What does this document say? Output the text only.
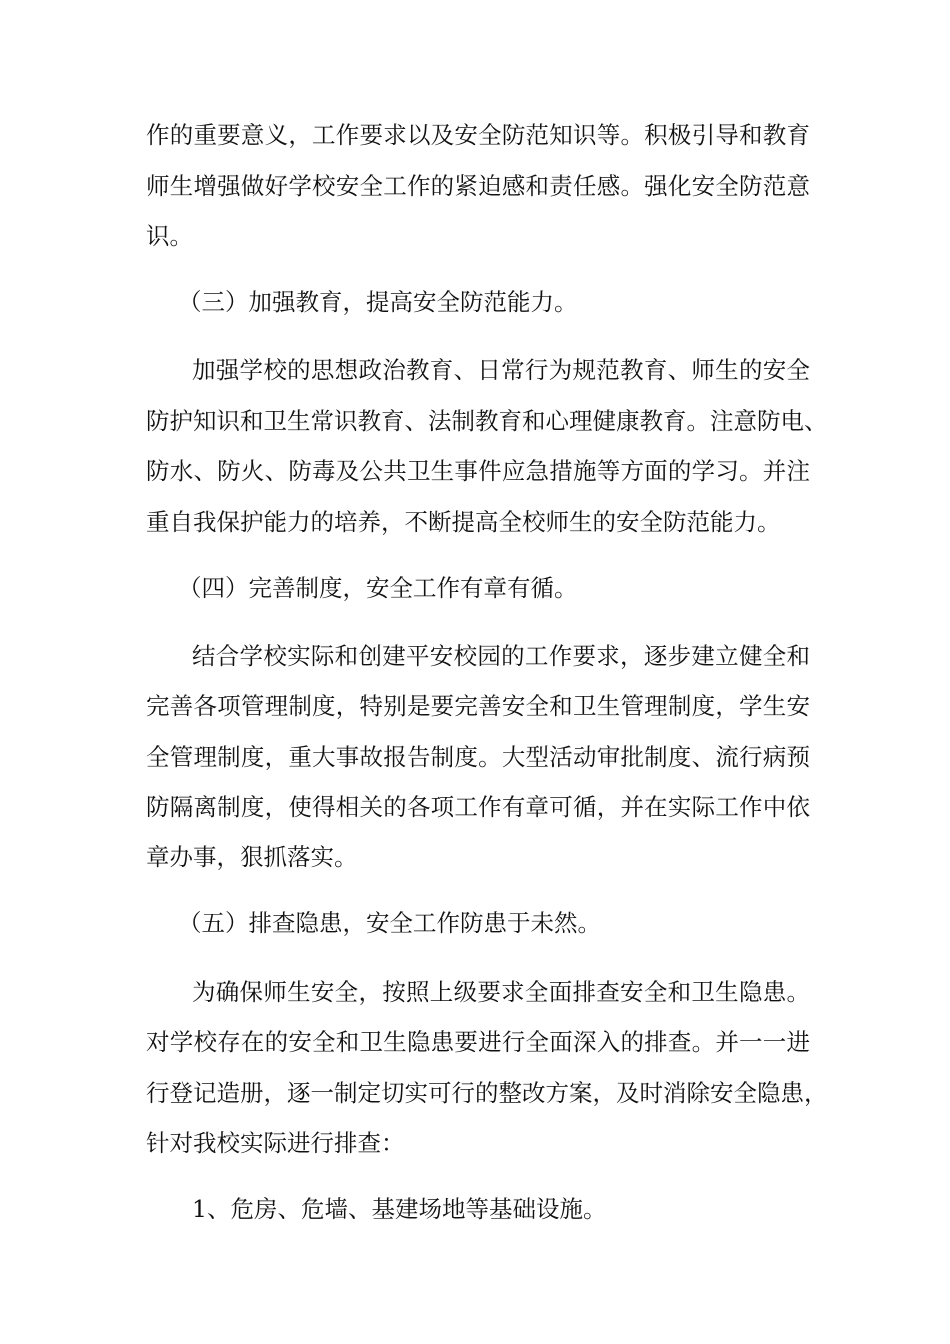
作的重要意义，工作要求以及安全防范知识等。积极引导和教育
师生增强做好学校安全工作的紧迫感和责任感。强化安全防范意
识。
（三）加强教育，提高安全防范能力。
加强学校的思想政治教育、日常行为规范教育、师生的安全
防护知识和卫生常识教育、法制教育和心理健康教育。注意防电、
防水、防火、防毒及公共卫生事件应急措施等方面的学习。并注
重自我保护能力的培养，不断提高全校师生的安全防范能力。
（四）完善制度，安全工作有章有循。
结合学校实际和创建平安校园的工作要求，逐步建立健全和
完善各项管理制度，特别是要完善安全和卫生管理制度，学生安
全管理制度，重大事故报告制度。大型活动审批制度、流行病预
防隔离制度，使得相关的各项工作有章可循，并在实际工作中依
章办事，狠抓落实。
（五）排查隐患，安全工作防患于未然。
为确保师生安全，按照上级要求全面排查安全和卫生隐患。
对学校存在的安全和卫生隐患要进行全面深入的排查。并一一进
行登记造册，逐一制定切实可行的整改方案，及时消除安全隐患，
针对我校实际进行排查：
1、危房、危墙、基建场地等基础设施。
